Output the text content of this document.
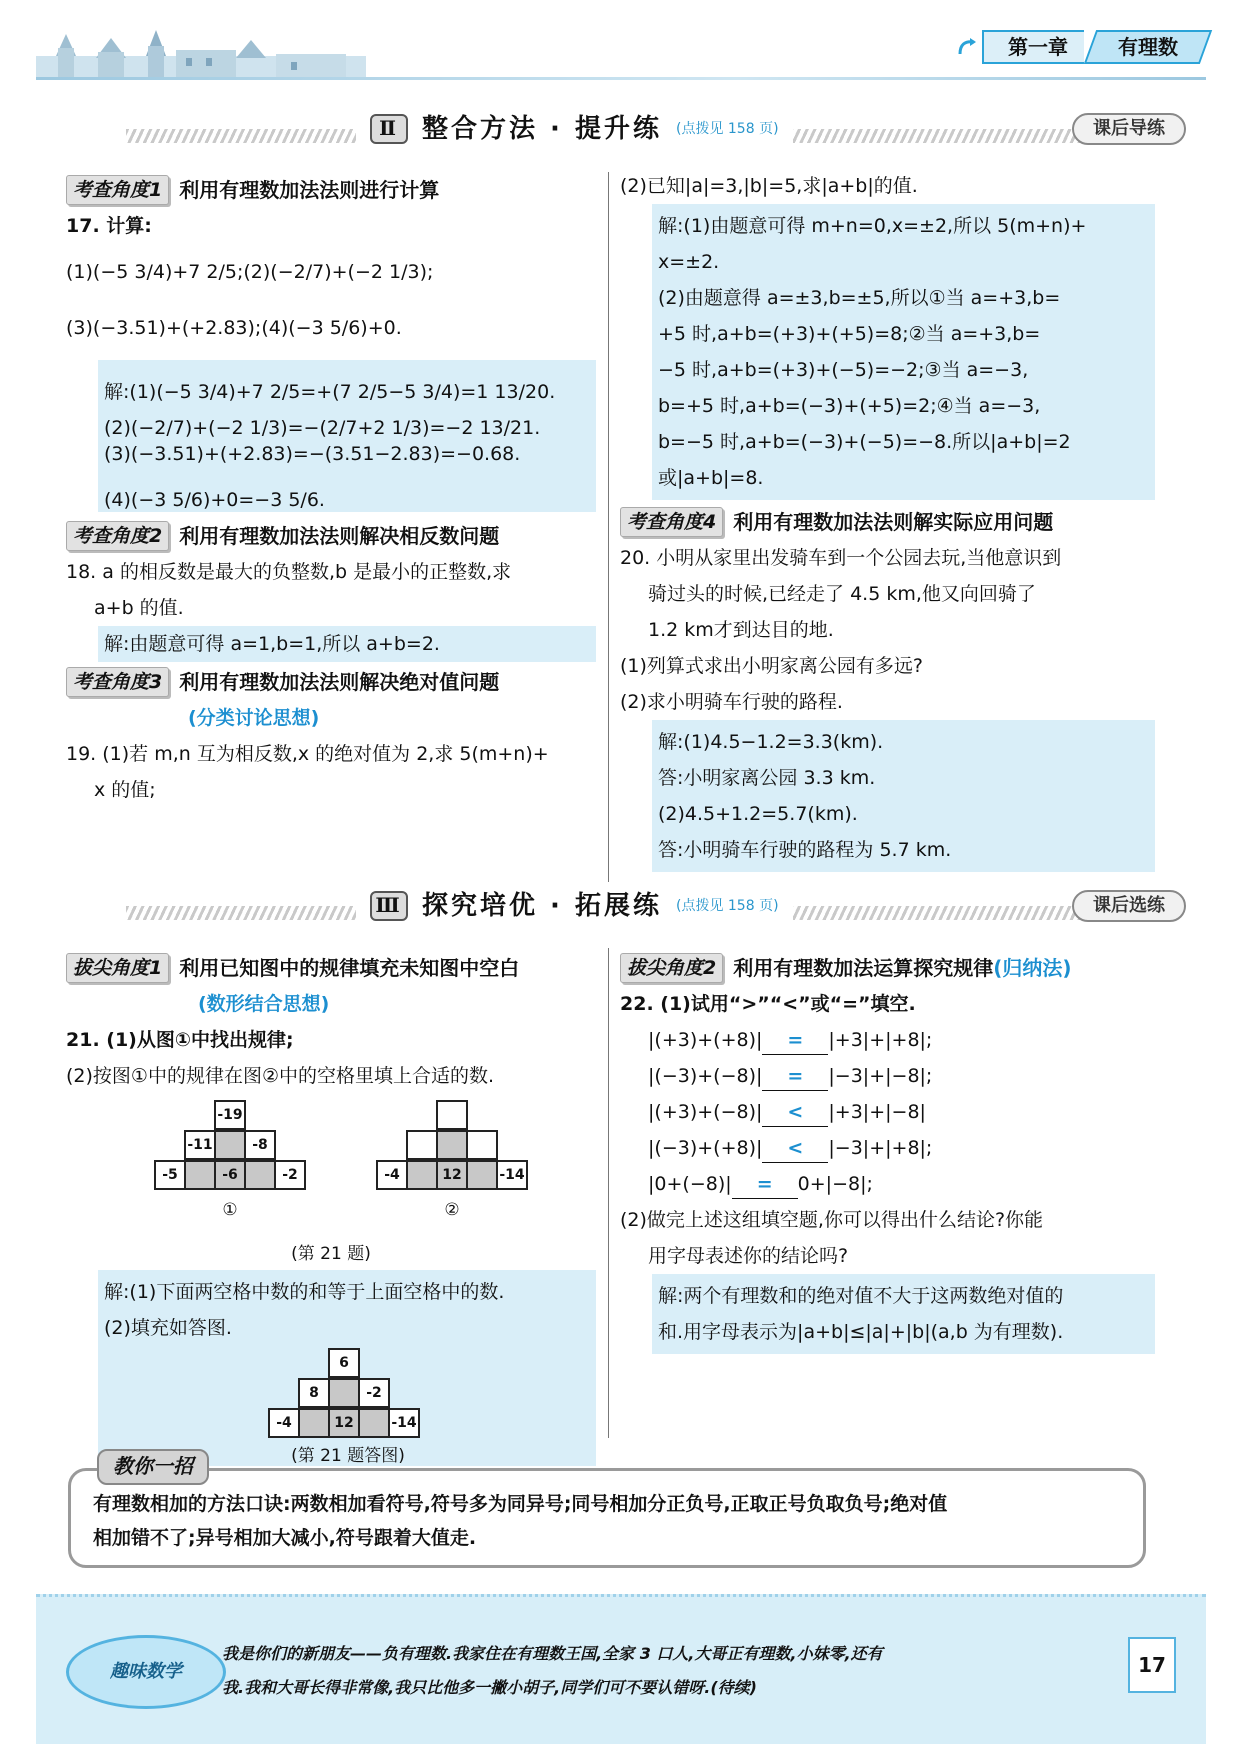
第一章	有理数
Ⅱ 整合方法 · 提升练 (点拨见 158 页)	课后导练
考查角度1 利用有理数加法法则进行计算
17. 计算:
(1)(−5 3/4)+7 2/5;(2)(−2/7)+(−2 1/3);
(3)(−3.51)+(+2.83);(4)(−3 5/6)+0.
解:(1)(−5 3/4)+7 2/5=+(7 2/5−5 3/4)=1 13/20.
(2)(−2/7)+(−2 1/3)=−(2/7+2 1/3)=−2 13/21.
(3)(−3.51)+(+2.83)=−(3.51−2.83)=−0.68.
(4)(−3 5/6)+0=−3 5/6.
考查角度2 利用有理数加法法则解决相反数问题
18. a 的相反数是最大的负整数,b 是最小的正整数,求
a+b 的值.
解:由题意可得 a=1,b=1,所以 a+b=2.
考查角度3 利用有理数加法法则解决绝对值问题
(分类讨论思想)
19. (1)若 m,n 互为相反数,x 的绝对值为 2,求 5(m+n)+
x 的值;
(2)已知|a|=3,|b|=5,求|a+b|的值.
解:(1)由题意可得 m+n=0,x=±2,所以 5(m+n)+
x=±2.
(2)由题意得 a=±3,b=±5,所以①当 a=+3,b=
+5 时,a+b=(+3)+(+5)=8;②当 a=+3,b=
−5 时,a+b=(+3)+(−5)=−2;③当 a=−3,
b=+5 时,a+b=(−3)+(+5)=2;④当 a=−3,
b=−5 时,a+b=(−3)+(−5)=−8.所以|a+b|=2
或|a+b|=8.
考查角度4 利用有理数加法法则解实际应用问题
20. 小明从家里出发骑车到一个公园去玩,当他意识到
骑过头的时候,已经走了 4.5 km,他又向回骑了
1.2 km才到达目的地.
(1)列算式求出小明家离公园有多远?
(2)求小明骑车行驶的路程.
解:(1)4.5−1.2=3.3(km).
答:小明家离公园 3.3 km.
(2)4.5+1.2=5.7(km).
答:小明骑车行驶的路程为 5.7 km.
Ⅲ 探究培优 · 拓展练 (点拨见 158 页)	课后选练
拔尖角度1 利用已知图中的规律填充未知图中空白
(数形结合思想)
21. (1)从图①中找出规律;
(2)按图①中的规律在图②中的空格里填上合适的数.
-19
-11	-8
-5	-6	-2
①
-4	12	-14
②
(第 21 题)
解:(1)下面两空格中数的和等于上面空格中的数.
(2)填充如答图.
6
8	-2
-4	12	-14
(第 21 题答图)
拔尖角度2 利用有理数加法运算探究规律 (归纳法)
22. (1)试用“>”“<”或“=”填空.
|(+3)+(+8)| = |+3|+|+8|;
|(−3)+(−8)| = |−3|+|−8|;
|(+3)+(−8)| < |+3|+|−8|
|(−3)+(+8)| < |−3|+|+8|;
|0+(−8)| = 0+|−8|;
(2)做完上述这组填空题,你可以得出什么结论?你能
用字母表述你的结论吗?
解:两个有理数和的绝对值不大于这两数绝对值的
和.用字母表示为|a+b|≤|a|+|b|(a,b 为有理数).
教你一招
有理数相加的方法口诀:两数相加看符号,符号多为同异号;同号相加分正负号,正取正号负取负号;绝对值
相加错不了;异号相加大减小,符号跟着大值走.
趣味数学
我是你们的新朋友——负有理数.我家住在有理数王国,全家 3 口人,大哥正有理数,小妹零,还有
我.我和大哥长得非常像,我只比他多一撇小胡子,同学们可不要认错呀.(待续)
17
